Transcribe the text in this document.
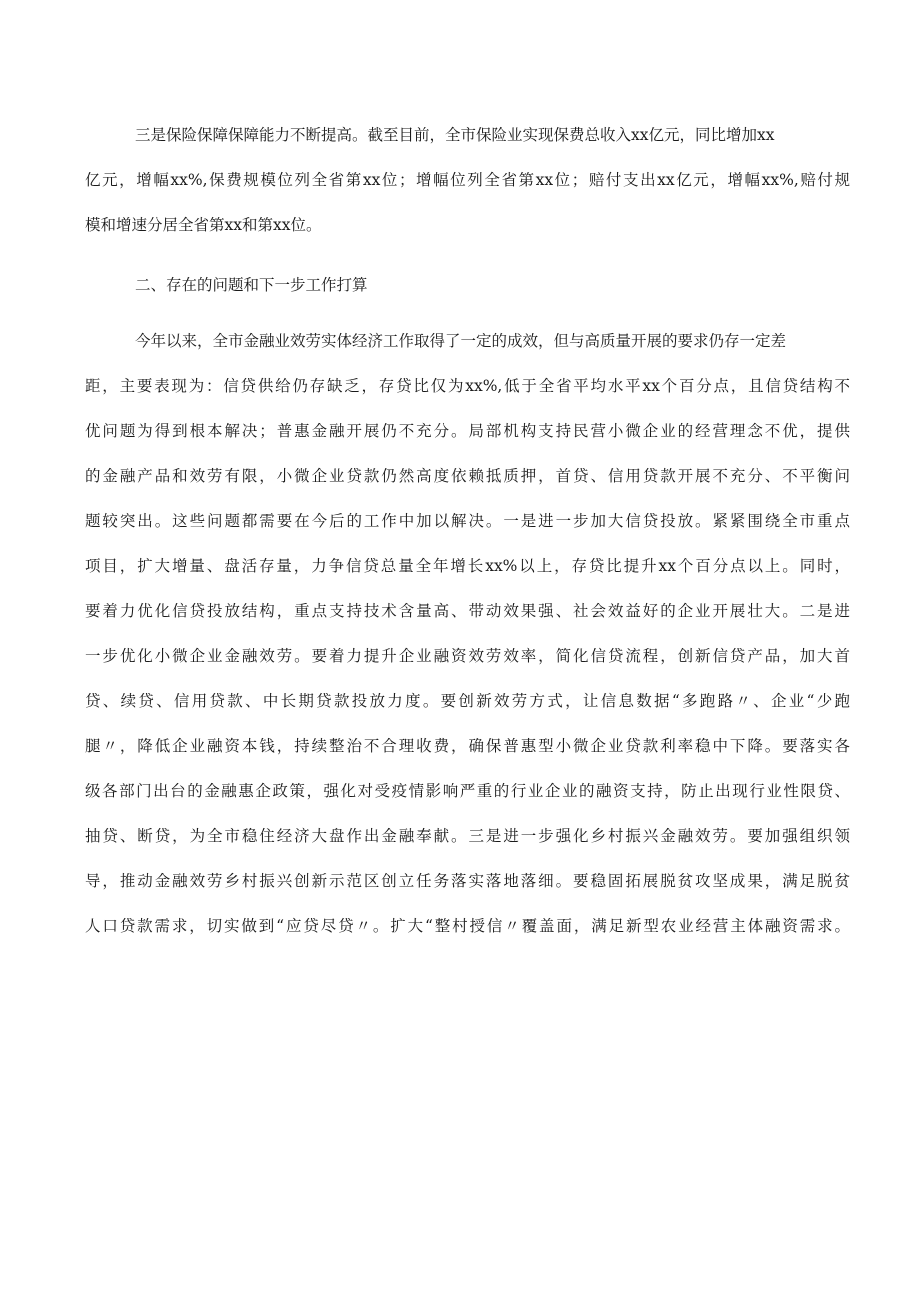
三是保险保障保障能力不断提高。截至目前，全市保险业实现保费总收入xx亿元，同比增加xx
亿元，增幅xx%,保费规模位列全省第xx位；增幅位列全省第xx位；赔付支出xx亿元，增幅xx%,赔付规
模和增速分居全省第xx和第xx位。
二、存在的问题和下一步工作打算
今年以来，全市金融业效劳实体经济工作取得了一定的成效，但与高质量开展的要求仍存一定差
距，主要表现为：信贷供给仍存缺乏，存贷比仅为xx%,低于全省平均水平xx个百分点，且信贷结构不
优问题为得到根本解决；普惠金融开展仍不充分。局部机构支持民营小微企业的经营理念不优，提供
的金融产品和效劳有限，小微企业贷款仍然高度依赖抵质押，首贷、信用贷款开展不充分、不平衡问
题较突出。这些问题都需要在今后的工作中加以解决。一是进一步加大信贷投放。紧紧围绕全市重点
项目，扩大增量、盘活存量，力争信贷总量全年增长xx%以上，存贷比提升xx个百分点以上。同时，
要着力优化信贷投放结构，重点支持技术含量高、带动效果强、社会效益好的企业开展壮大。二是进
一步优化小微企业金融效劳。要着力提升企业融资效劳效率，简化信贷流程，创新信贷产品，加大首
贷、续贷、信用贷款、中长期贷款投放力度。要创新效劳方式，让信息数据“多跑路〃、企业“少跑
腿〃，降低企业融资本钱，持续整治不合理收费，确保普惠型小微企业贷款利率稳中下降。要落实各
级各部门出台的金融惠企政策，强化对受疫情影响严重的行业企业的融资支持，防止出现行业性限贷、
抽贷、断贷，为全市稳住经济大盘作出金融奉献。三是进一步强化乡村振兴金融效劳。要加强组织领
导，推动金融效劳乡村振兴创新示范区创立任务落实落地落细。要稳固拓展脱贫攻坚成果，满足脱贫
人口贷款需求，切实做到“应贷尽贷〃。扩大“整村授信〃覆盖面，满足新型农业经营主体融资需求。
